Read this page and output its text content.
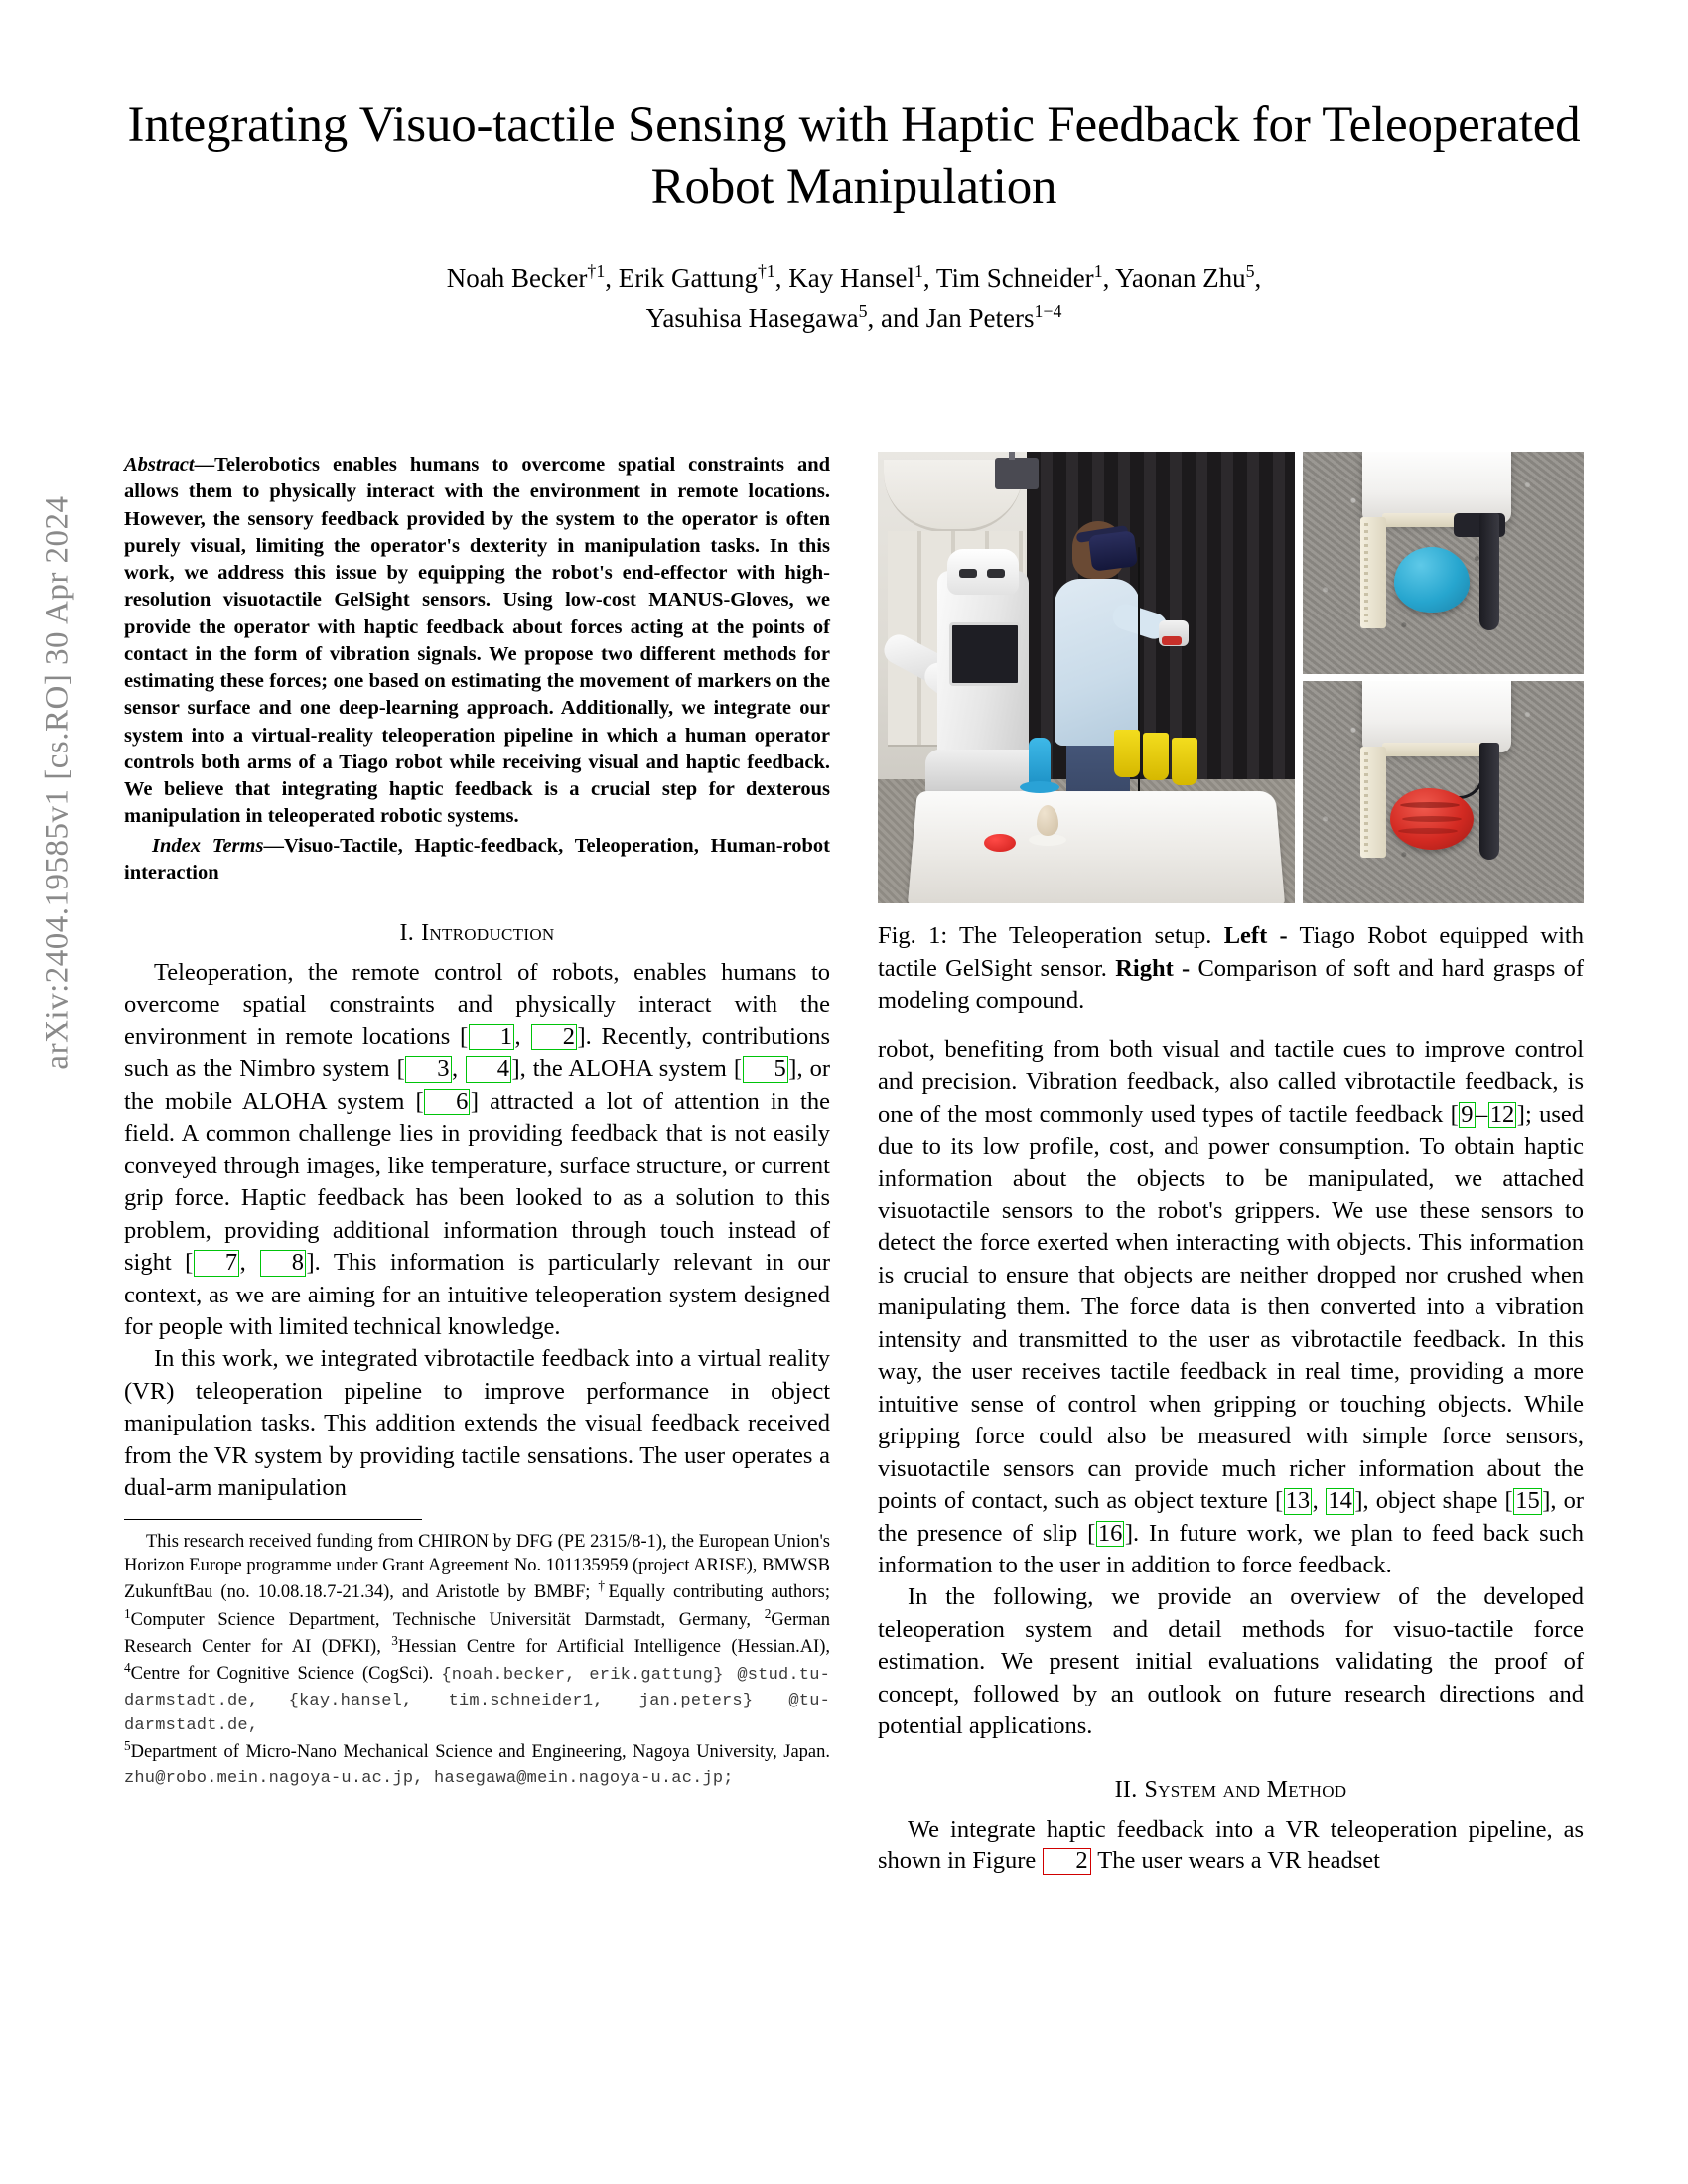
arXiv:2404.19585v1 [cs.RO] 30 Apr 2024
Integrating Visuo-tactile Sensing with Haptic Feedback for Teleoperated Robot Manipulation
Noah Becker$^{\dagger 1}$, Erik Gattung$^{\dagger 1}$, Kay Hansel$^1$, Tim Schneider$^1$, Yaonan Zhu$^5$,
Yasuhisa Hasegawa$^5$, and Jan Peters$^{1-4}$
Abstract—Telerobotics enables humans to overcome spatial constraints and allows them to physically interact with the environment in remote locations. However, the sensory feedback provided by the system to the operator is often purely visual, limiting the operator's dexterity in manipulation tasks. In this work, we address this issue by equipping the robot's end-effector with high-resolution visuotactile GelSight sensors. Using low-cost MANUS-Gloves, we provide the operator with haptic feedback about forces acting at the points of contact in the form of vibration signals. We propose two different methods for estimating these forces; one based on estimating the movement of markers on the sensor surface and one deep-learning approach. Additionally, we integrate our system into a virtual-reality teleoperation pipeline in which a human operator controls both arms of a Tiago robot while receiving visual and haptic feedback. We believe that integrating haptic feedback is a crucial step for dexterous manipulation in teleoperated robotic systems.
Index Terms—Visuo-Tactile, Haptic-feedback, Teleoperation, Human-robot interaction
I. Introduction

Teleoperation, the remote control of robots, enables humans to overcome spatial constraints and physically interact with the environment in remote locations [ 1 , 2 ]. Recently, contributions such as the Nimbro system [ 3 , 4 ], the ALOHA system [ 5 ], or the mobile ALOHA system [ 6 ] attracted a lot of attention in the field. A common challenge lies in providing feedback that is not easily conveyed through images, like temperature, surface structure, or current grip force. Haptic feedback has been looked to as a solution to this problem, providing additional information through touch instead of sight [ 7 , 8 ]. This information is particularly relevant in our context, as we are aiming for an intuitive teleoperation system designed for people with limited technical knowledge.

In this work, we integrated vibrotactile feedback into a virtual reality (VR) teleoperation pipeline to improve performance in object manipulation tasks. This addition extends the visual feedback received from the VR system by providing tactile sensations. The user operates a dual-arm manipulation

This research received funding from CHIRON by DFG (PE 2315/8-1), the European Union's Horizon Europe programme under Grant Agreement No. 101135959 (project ARISE), BMWSB ZukunftBau (no. 10.08.18.7-21.34), and Aristotle by BMBF; †Equally contributing authors; $^1$Computer Science Department, Technische Universität Darmstadt, Germany, $^2$German Research Center for AI (DFKI), $^3$Hessian Centre for Artificial Intelligence (Hessian.AI), $^4$Centre for Cognitive Science (CogSci). {noah.becker, erik.gattung} @stud.tu-darmstadt.de, {kay.hansel, tim.schneider1, jan.peters} @tu-darmstadt.de,
$^5$Department of Micro-Nano Mechanical Science and Engineering, Nagoya University, Japan. zhu@robo.mein.nagoya-u.ac.jp, hasegawa@mein.nagoya-u.ac.jp;

Fig. 1: The Teleoperation setup. Left - Tiago Robot equipped with tactile GelSight sensor. Right - Comparison of soft and hard grasps of modeling compound.

robot, benefiting from both visual and tactile cues to improve control and precision. Vibration feedback, also called vibrotactile feedback, is one of the most commonly used types of tactile feedback [ 9 – 12 ]; used due to its low profile, cost, and power consumption. To obtain haptic information about the objects to be manipulated, we attached visuotactile sensors to the robot's grippers. We use these sensors to detect the force exerted when interacting with objects. This information is crucial to ensure that objects are neither dropped nor crushed when manipulating them. The force data is then converted into a vibration intensity and transmitted to the user as vibrotactile feedback. In this way, the user receives tactile feedback in real time, providing a more intuitive sense of control when gripping or touching objects. While gripping force could also be measured with simple force sensors, visuotactile sensors can provide much richer information about the points of contact, such as object texture [ 13 , 14 ], object shape [ 15 ], or the presence of slip [ 16 ]. In future work, we plan to feed back such information to the user in addition to force feedback.

In the following, we provide an overview of the developed teleoperation system and detail methods for visuo-tactile force estimation. We present initial evaluations validating the proof of concept, followed by an outlook on future research directions and potential applications.

II. System and Method

We integrate haptic feedback into a VR teleoperation pipeline, as shown in Figure 2 The user wears a VR headset
